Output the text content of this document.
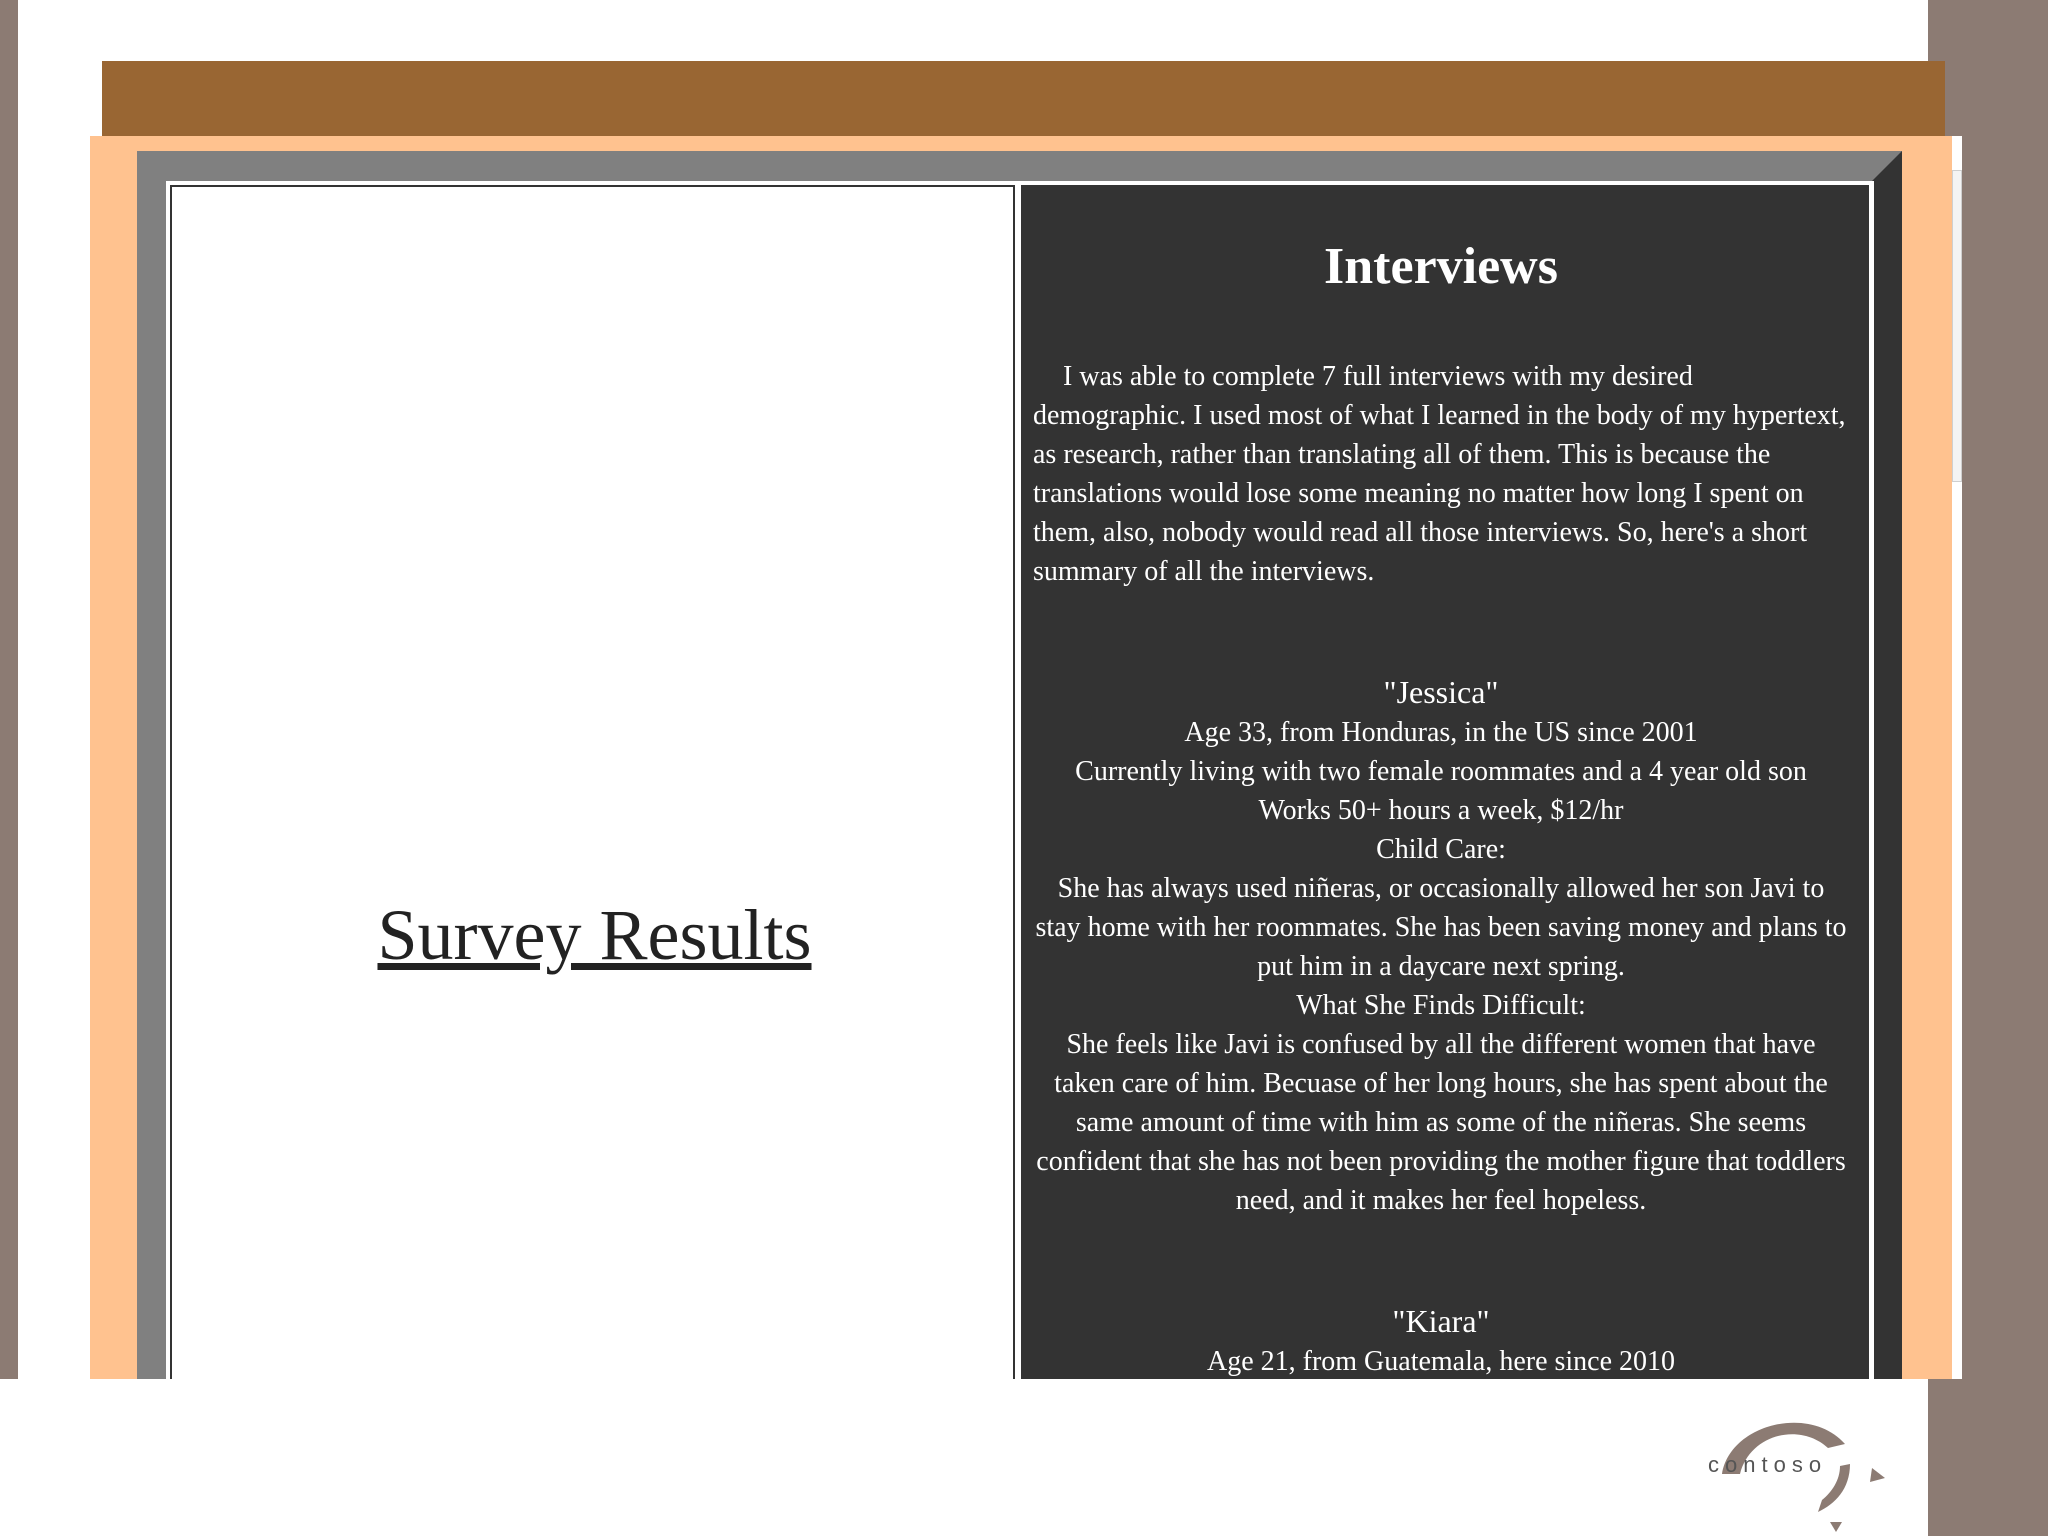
Survey Results
Interviews

I was able to complete 7 full interviews with my desired demographic. I used most of what I learned in the body of my hypertext, as research, rather than translating all of them. This is because the translations would lose some meaning no matter how long I spent on them, also, nobody would read all those interviews. So, here's a short summary of all the interviews.

"Jessica"

Age 33, from Honduras, in the US since 2001

Currently living with two female roommates and a 4 year old son

Works 50+ hours a week, $12/hr

Child Care:

She has always used niñeras, or occasionally allowed her son Javi to stay home with her roommates. She has been saving money and plans to put him in a daycare next spring.

What She Finds Difficult:

She feels like Javi is confused by all the different women that have taken care of him. Becuase of her long hours, she has spent about the same amount of time with him as some of the niñeras. She seems confident that she has not been providing the mother figure that toddlers need, and it makes her feel hopeless.

"Kiara"

Age 21, from Guatemala, here since 2010

contoso
